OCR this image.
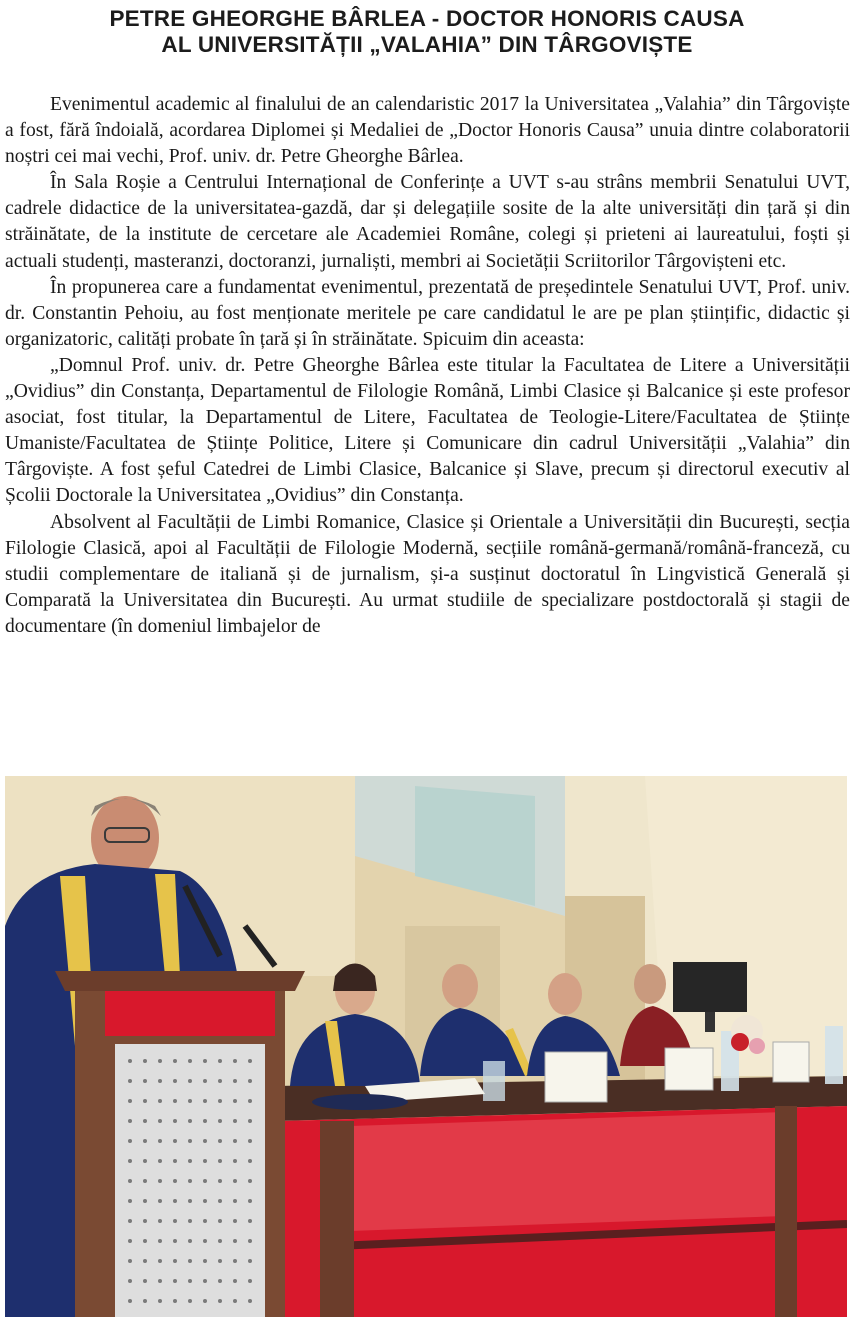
PETRE GHEORGHE BÂRLEA - DOCTOR HONORIS CAUSA
AL UNIVERSITĂȚII „VALAHIA” DIN TÂRGOVIȘTE

Evenimentul academic al finalului de an calendaristic 2017 la Universitatea „Valahia” din Târgoviște a fost, fără îndoială, acordarea Diplomei și Medaliei de „Doctor Honoris Causa” unuia dintre colaboratorii noștri cei mai vechi, Prof. univ. dr. Petre Gheorghe Bârlea.

În Sala Roșie a Centrului Internațional de Conferințe a UVT s-au strâns membrii Senatului UVT, cadrele didactice de la universitatea-gazdă, dar și delegațiile sosite de la alte universități din țară și din străinătate, de la institute de cercetare ale Academiei Române, colegi și prieteni ai laureatului, foști și actuali studenți, masteranzi, doctoranzi, jurnaliști, membri ai Societății Scriitorilor Târgovișteni etc.

În propunerea care a fundamentat evenimentul, prezentată de președintele Senatului UVT, Prof. univ. dr. Constantin Pehoiu, au fost menționate meritele pe care candidatul le are pe plan științific, didactic și organizatoric, calități probate în țară și în străinătate. Spicuim din aceasta:

„Domnul Prof. univ. dr. Petre Gheorghe Bârlea este titular la Facultatea de Litere a Universității „Ovidius” din Constanța, Departamentul de Filologie Română, Limbi Clasice și Balcanice și este profesor asociat, fost titular, la Departamentul de Litere, Facultatea de Teologie-Litere/Facultatea de Științe Umaniste/Facultatea de Științe Politice, Litere și Comunicare din cadrul Universității „Valahia” din Târgoviște. A fost șeful Catedrei de Limbi Clasice, Balcanice și Slave, precum și directorul executiv al Școlii Doctorale la Universitatea „Ovidius” din Constanța.

Absolvent al Facultății de Limbi Romanice, Clasice și Orientale a Universității din București, secția Filologie Clasică, apoi al Facultății de Filologie Modernă, secțiile română-germană/română-franceză, cu studii complementare de italiană și de jurnalism, și-a susținut doctoratul în Lingvistică Generală și Comparată la Universitatea din București. Au urmat studiile de specializare postdoctorală și stagii de documentare (în domeniul limbajelor de
